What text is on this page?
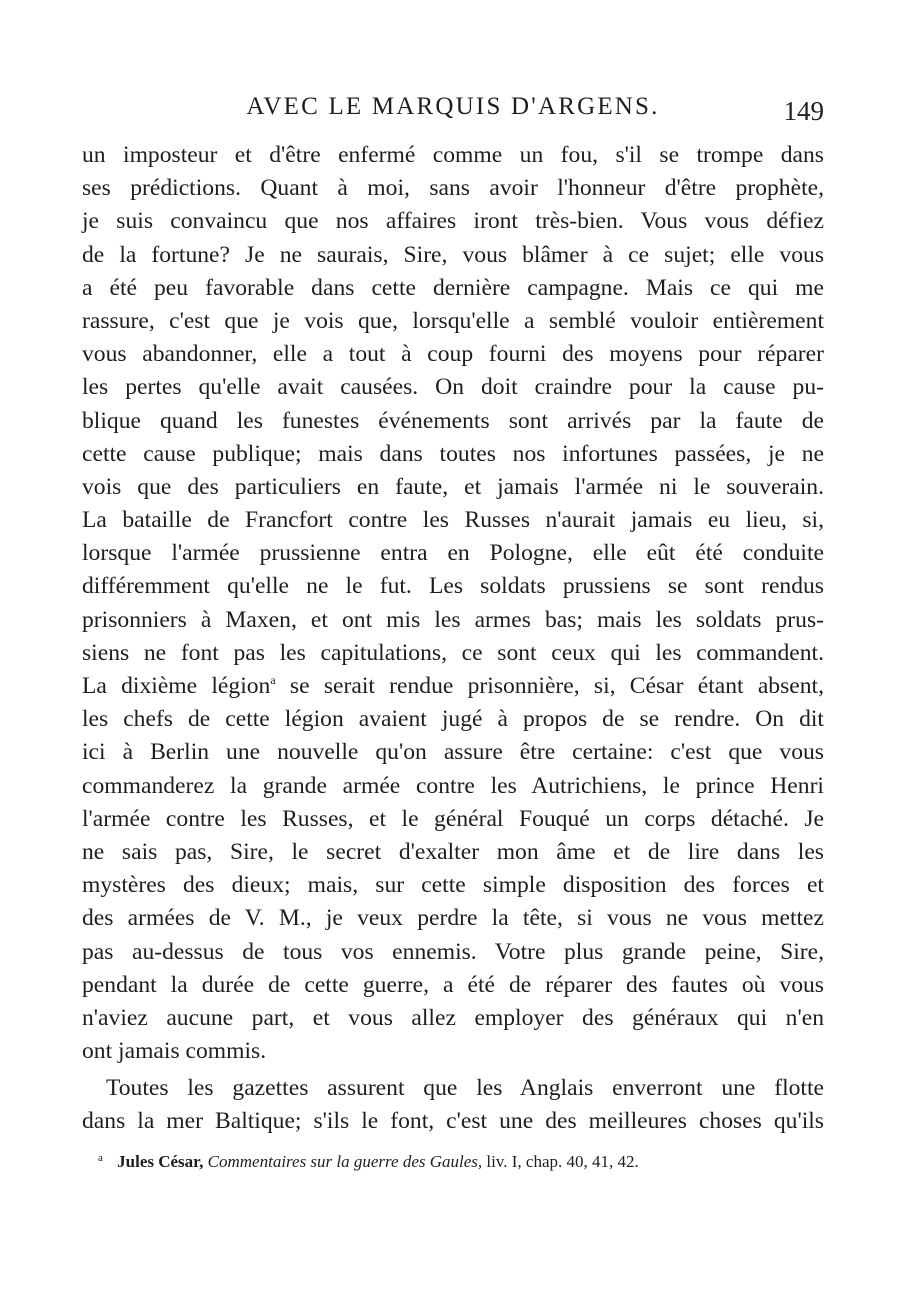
AVEC LE MARQUIS D'ARGENS.	149
un imposteur et d'être enfermé comme un fou, s'il se trompe dans
ses prédictions. Quant à moi, sans avoir l'honneur d'être prophète,
je suis convaincu que nos affaires iront très-bien. Vous vous défiez
de la fortune? Je ne saurais, Sire, vous blâmer à ce sujet; elle vous
a été peu favorable dans cette dernière campagne. Mais ce qui me
rassure, c'est que je vois que, lorsqu'elle a semblé vouloir entièrement
vous abandonner, elle a tout à coup fourni des moyens pour réparer
les pertes qu'elle avait causées. On doit craindre pour la cause pu-
blique quand les funestes événements sont arrivés par la faute de
cette cause publique; mais dans toutes nos infortunes passées, je ne
vois que des particuliers en faute, et jamais l'armée ni le souverain.
La bataille de Francfort contre les Russes n'aurait jamais eu lieu, si,
lorsque l'armée prussienne entra en Pologne, elle eût été conduite
différemment qu'elle ne le fut. Les soldats prussiens se sont rendus
prisonniers à Maxen, et ont mis les armes bas; mais les soldats prus-
siens ne font pas les capitulations, ce sont ceux qui les commandent.
La dixième légion$^a$ se serait rendue prisonnière, si, César étant absent,
les chefs de cette légion avaient jugé à propos de se rendre. On dit
ici à Berlin une nouvelle qu'on assure être certaine: c'est que vous
commanderez la grande armée contre les Autrichiens, le prince Henri
l'armée contre les Russes, et le général Fouqué un corps détaché. Je
ne sais pas, Sire, le secret d'exalter mon âme et de lire dans les
mystères des dieux; mais, sur cette simple disposition des forces et
des armées de V. M., je veux perdre la tête, si vous ne vous mettez
pas au-dessus de tous vos ennemis. Votre plus grande peine, Sire,
pendant la durée de cette guerre, a été de réparer des fautes où vous
n'aviez aucune part, et vous allez employer des généraux qui n'en
ont jamais commis.
Toutes les gazettes assurent que les Anglais enverront une flotte
dans la mer Baltique; s'ils le font, c'est une des meilleures choses qu'ils
$^a$ Jules César, Commentaires sur la guerre des Gaules, liv. I, chap. 40, 41, 42.
